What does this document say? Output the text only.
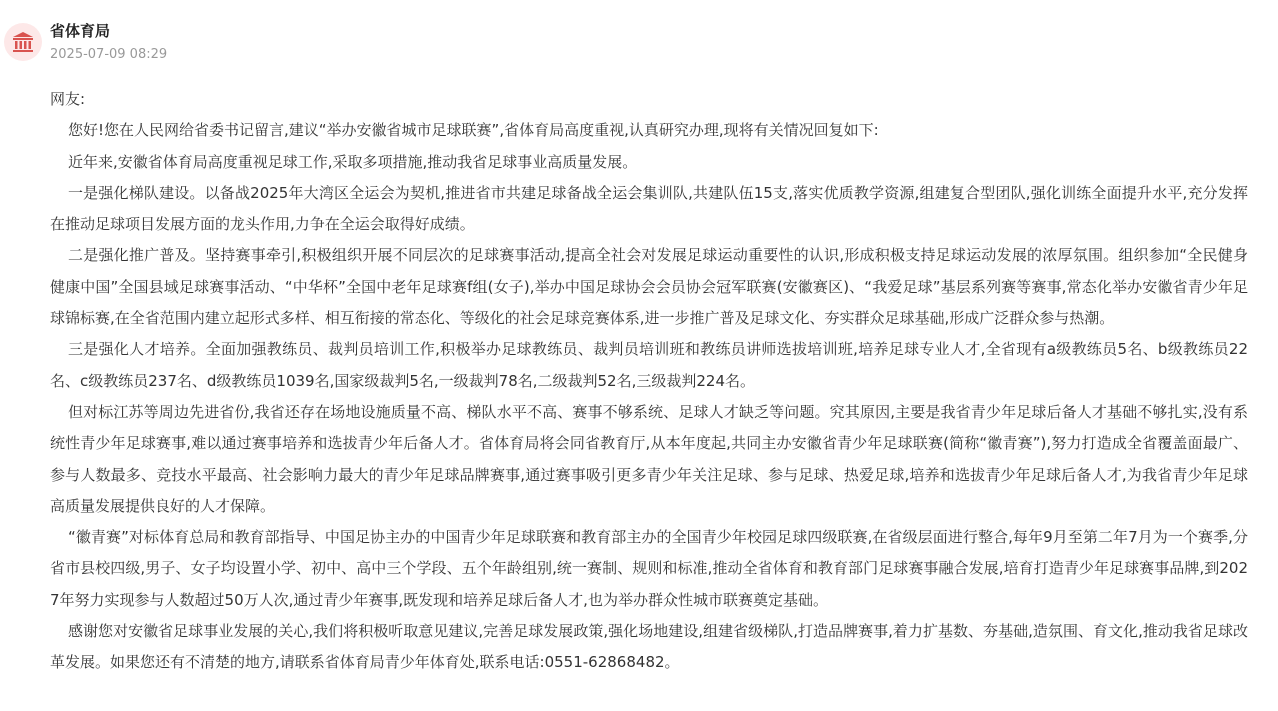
省体育局
2025-07-09 08:29

网友:

您好!您在人民网给省委书记留言,建议“举办安徽省城市足球联赛”,省体育局高度重视,认真研究办理,现将有关情况回复如下:

近年来,安徽省体育局高度重视足球工作,采取多项措施,推动我省足球事业高质量发展。

一是强化梯队建设。以备战2025年大湾区全运会为契机,推进省市共建足球备战全运会集训队,共建队伍15支,落实优质教学资源,组建复合型团队,强化训练全面提升水平,充分发挥在推动足球项目发展方面的龙头作用,力争在全运会取得好成绩。

二是强化推广普及。坚持赛事牵引,积极组织开展不同层次的足球赛事活动,提高全社会对发展足球运动重要性的认识,形成积极支持足球运动发展的浓厚氛围。组织参加“全民健身 健康中国”全国县域足球赛事活动、“中华杯”全国中老年足球赛f组(女子),举办中国足球协会会员协会冠军联赛(安徽赛区)、“我爱足球”基层系列赛等赛事,常态化举办安徽省青少年足球锦标赛,在全省范围内建立起形式多样、相互衔接的常态化、等级化的社会足球竞赛体系,进一步推广普及足球文化、夯实群众足球基础,形成广泛群众参与热潮。

三是强化人才培养。全面加强教练员、裁判员培训工作,积极举办足球教练员、裁判员培训班和教练员讲师选拔培训班,培养足球专业人才,全省现有a级教练员5名、b级教练员22名、c级教练员237名、d级教练员1039名,国家级裁判5名,一级裁判78名,二级裁判52名,三级裁判224名。

但对标江苏等周边先进省份,我省还存在场地设施质量不高、梯队水平不高、赛事不够系统、足球人才缺乏等问题。究其原因,主要是我省青少年足球后备人才基础不够扎实,没有系统性青少年足球赛事,难以通过赛事培养和选拔青少年后备人才。省体育局将会同省教育厅,从本年度起,共同主办安徽省青少年足球联赛(简称“徽青赛”),努力打造成全省覆盖面最广、参与人数最多、竞技水平最高、社会影响力最大的青少年足球品牌赛事,通过赛事吸引更多青少年关注足球、参与足球、热爱足球,培养和选拔青少年足球后备人才,为我省青少年足球高质量发展提供良好的人才保障。

“徽青赛”对标体育总局和教育部指导、中国足协主办的中国青少年足球联赛和教育部主办的全国青少年校园足球四级联赛,在省级层面进行整合,每年9月至第二年7月为一个赛季,分省市县校四级,男子、女子均设置小学、初中、高中三个学段、五个年龄组别,统一赛制、规则和标准,推动全省体育和教育部门足球赛事融合发展,培育打造青少年足球赛事品牌,到2027年努力实现参与人数超过50万人次,通过青少年赛事,既发现和培养足球后备人才,也为举办群众性城市联赛奠定基础。

感谢您对安徽省足球事业发展的关心,我们将积极听取意见建议,完善足球发展政策,强化场地建设,组建省级梯队,打造品牌赛事,着力扩基数、夯基础,造氛围、育文化,推动我省足球改革发展。如果您还有不清楚的地方,请联系省体育局青少年体育处,联系电话:0551-62868482。
